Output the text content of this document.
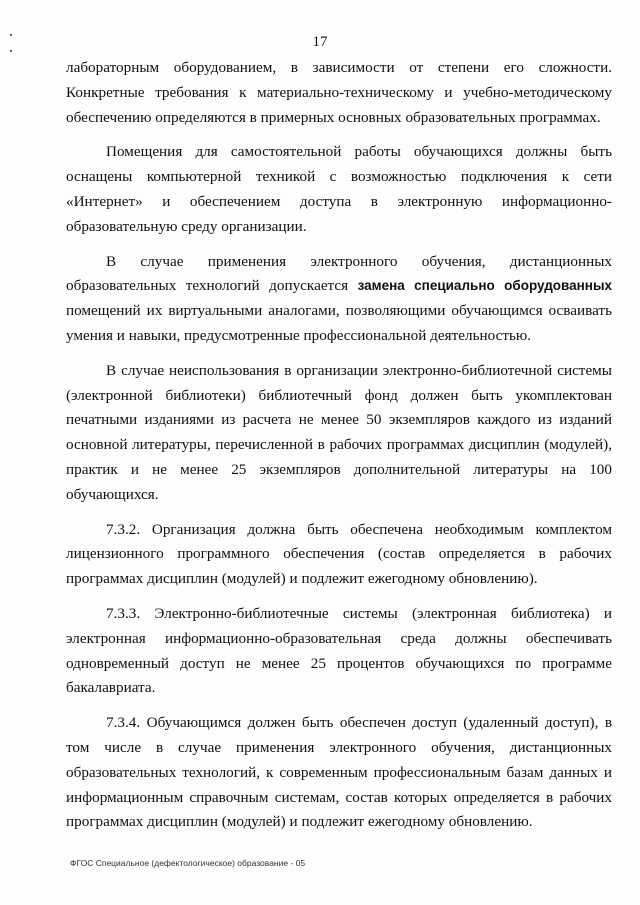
17

лабораторным оборудованием, в зависимости от степени его сложности. Конкретные требования к материально-техническому и учебно-методическому обеспечению определяются в примерных основных образовательных программах.

Помещения для самостоятельной работы обучающихся должны быть оснащены компьютерной техникой с возможностью подключения к сети «Интернет» и обеспечением доступа в электронную информационно-образовательную среду организации.

В случае применения электронного обучения, дистанционных образовательных технологий допускается замена специально оборудованных помещений их виртуальными аналогами, позволяющими обучающимся осваивать умения и навыки, предусмотренные профессиональной деятельностью.

В случае неиспользования в организации электронно-библиотечной системы (электронной библиотеки) библиотечный фонд должен быть укомплектован печатными изданиями из расчета не менее 50 экземпляров каждого из изданий основной литературы, перечисленной в рабочих программах дисциплин (модулей), практик и не менее 25 экземпляров дополнительной литературы на 100 обучающихся.

7.3.2. Организация должна быть обеспечена необходимым комплектом лицензионного программного обеспечения (состав определяется в рабочих программах дисциплин (модулей) и подлежит ежегодному обновлению).

7.3.3. Электронно-библиотечные системы (электронная библиотека) и электронная информационно-образовательная среда должны обеспечивать одновременный доступ не менее 25 процентов обучающихся по программе бакалавриата.

7.3.4. Обучающимся должен быть обеспечен доступ (удаленный доступ), в том числе в случае применения электронного обучения, дистанционных образовательных технологий, к современным профессиональным базам данных и информационным справочным системам, состав которых определяется в рабочих программах дисциплин (модулей) и подлежит ежегодному обновлению.

ФГОС Специальное (дефектологическое) образование - 05
